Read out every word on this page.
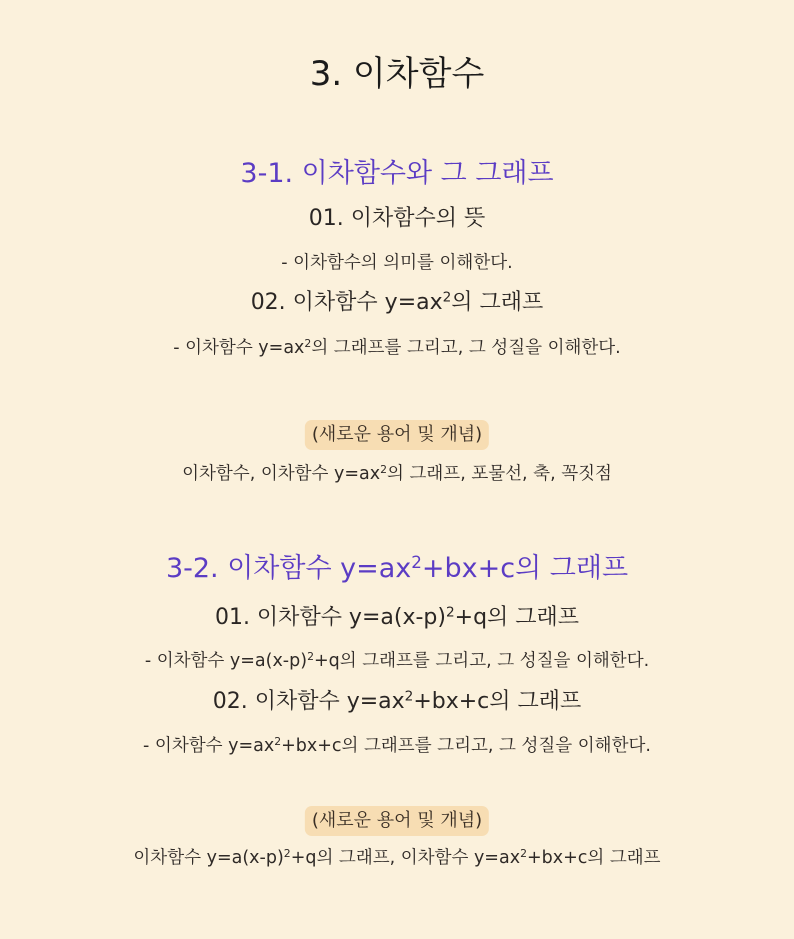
3. 이차함수
3-1. 이차함수와 그 그래프
01. 이차함수의 뜻
- 이차함수의 의미를 이해한다.
02. 이차함수 $y=ax^2$의 그래프
- 이차함수 $y=ax^2$의 그래프를 그리고, 그 성질을 이해한다.
(새로운 용어 및 개념)
이차함수, 이차함수 $y=ax^2$의 그래프, 포물선, 축, 꼭짓점
3-2. 이차함수 $y=ax^2+bx+c$의 그래프
01. 이차함수 $y=a(x-p)^2+q$의 그래프
- 이차함수 $y=a(x-p)^2+q$의 그래프를 그리고, 그 성질을 이해한다.
02. 이차함수 $y=ax^2+bx+c$의 그래프
- 이차함수 $y=ax^2+bx+c$의 그래프를 그리고, 그 성질을 이해한다.
(새로운 용어 및 개념)
이차함수 $y=a(x-p)^2+q$의 그래프, 이차함수 $y=ax^2+bx+c$의 그래프
